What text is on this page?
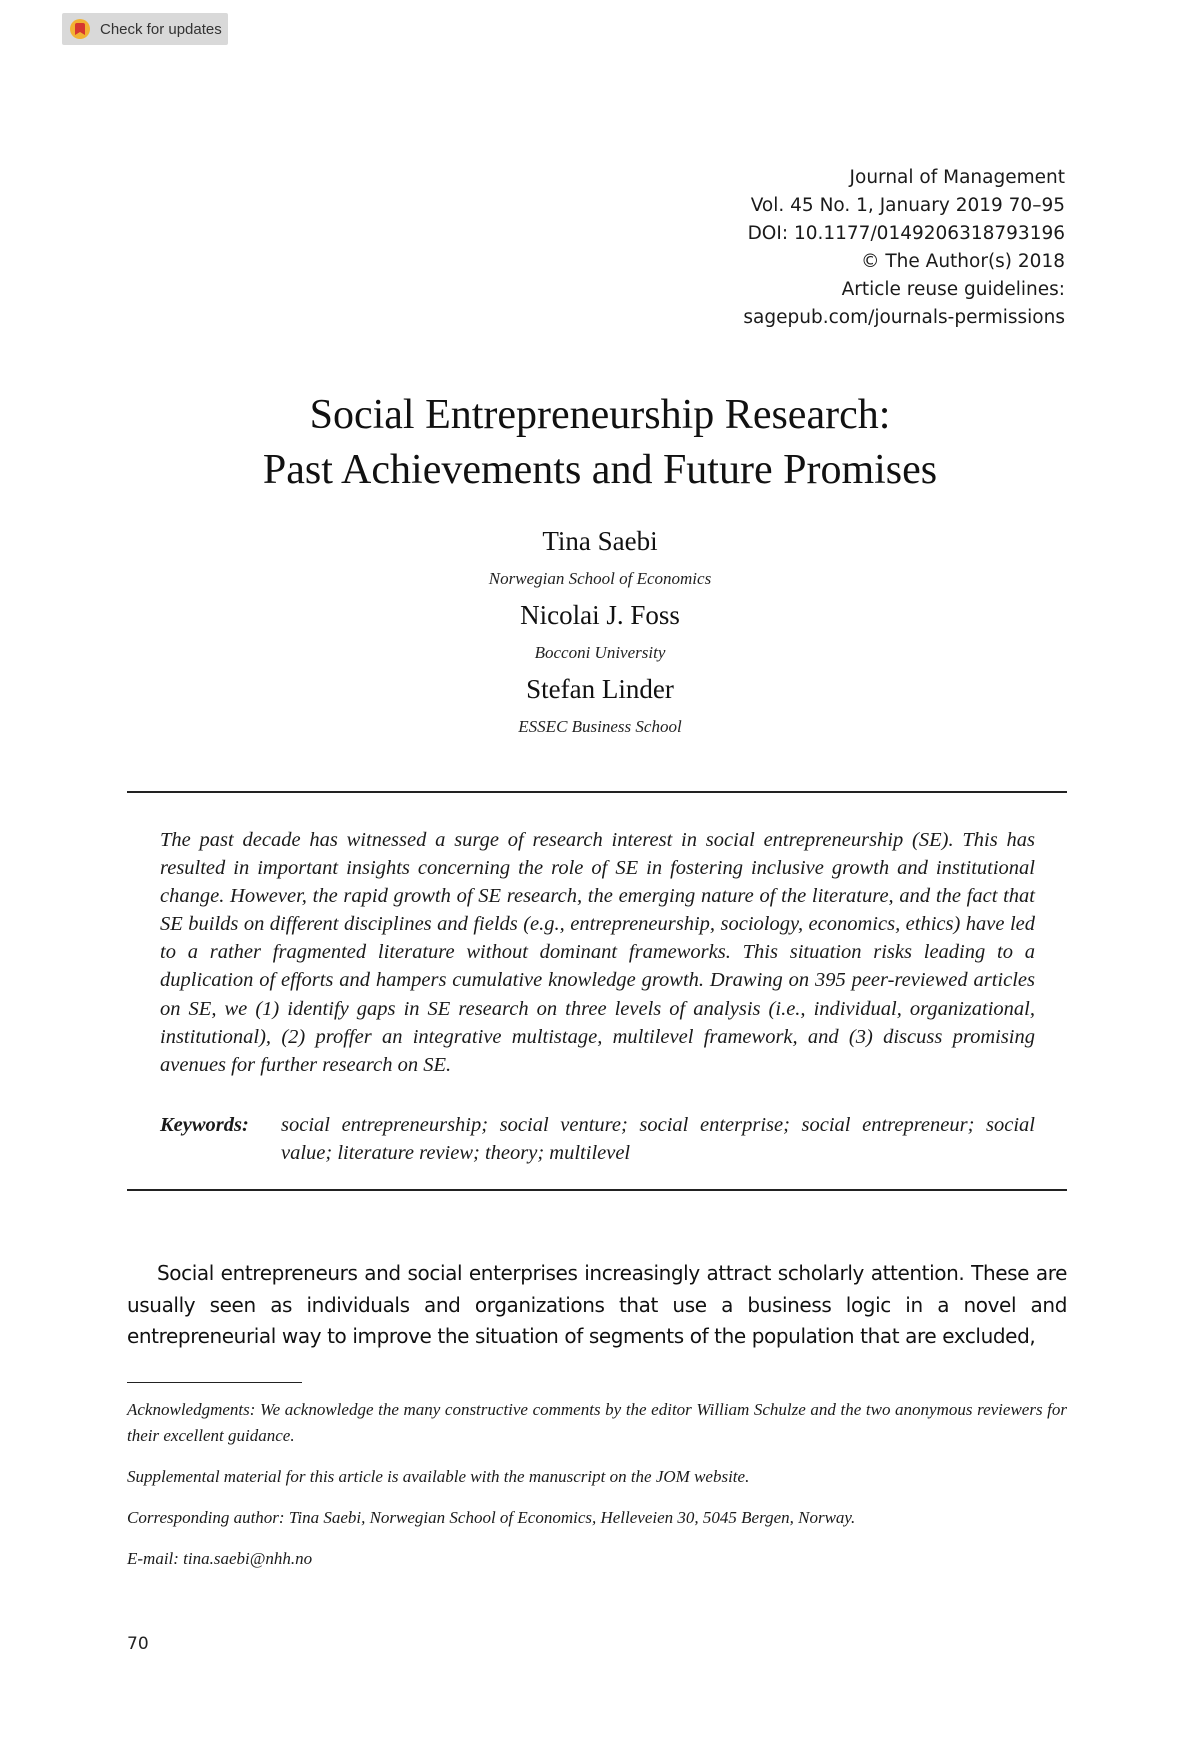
Check for updates
Journal of Management
Vol. 45 No. 1, January 2019 70–95
DOI: 10.1177/0149206318793196
© The Author(s) 2018
Article reuse guidelines:
sagepub.com/journals-permissions
Social Entrepreneurship Research:
Past Achievements and Future Promises
Tina Saebi
Norwegian School of Economics
Nicolai J. Foss
Bocconi University
Stefan Linder
ESSEC Business School
The past decade has witnessed a surge of research interest in social entrepreneurship (SE). This has resulted in important insights concerning the role of SE in fostering inclusive growth and institutional change. However, the rapid growth of SE research, the emerging nature of the literature, and the fact that SE builds on different disciplines and fields (e.g., entrepreneurship, sociology, economics, ethics) have led to a rather fragmented literature without dominant frameworks. This situation risks leading to a duplication of efforts and hampers cumulative knowledge growth. Drawing on 395 peer-reviewed articles on SE, we (1) identify gaps in SE research on three levels of analysis (i.e., individual, organizational, institutional), (2) proffer an integrative multistage, multilevel framework, and (3) discuss promising avenues for further research on SE.
Keywords:	social entrepreneurship; social venture; social enterprise; social entrepreneur; social value; literature review; theory; multilevel
Social entrepreneurs and social enterprises increasingly attract scholarly attention. These are usually seen as individuals and organizations that use a business logic in a novel and entrepreneurial way to improve the situation of segments of the population that are excluded,
Acknowledgments: We acknowledge the many constructive comments by the editor William Schulze and the two anonymous reviewers for their excellent guidance.
Supplemental material for this article is available with the manuscript on the JOM website.
Corresponding author: Tina Saebi, Norwegian School of Economics, Helleveien 30, 5045 Bergen, Norway.
E-mail: tina.saebi@nhh.no
70
